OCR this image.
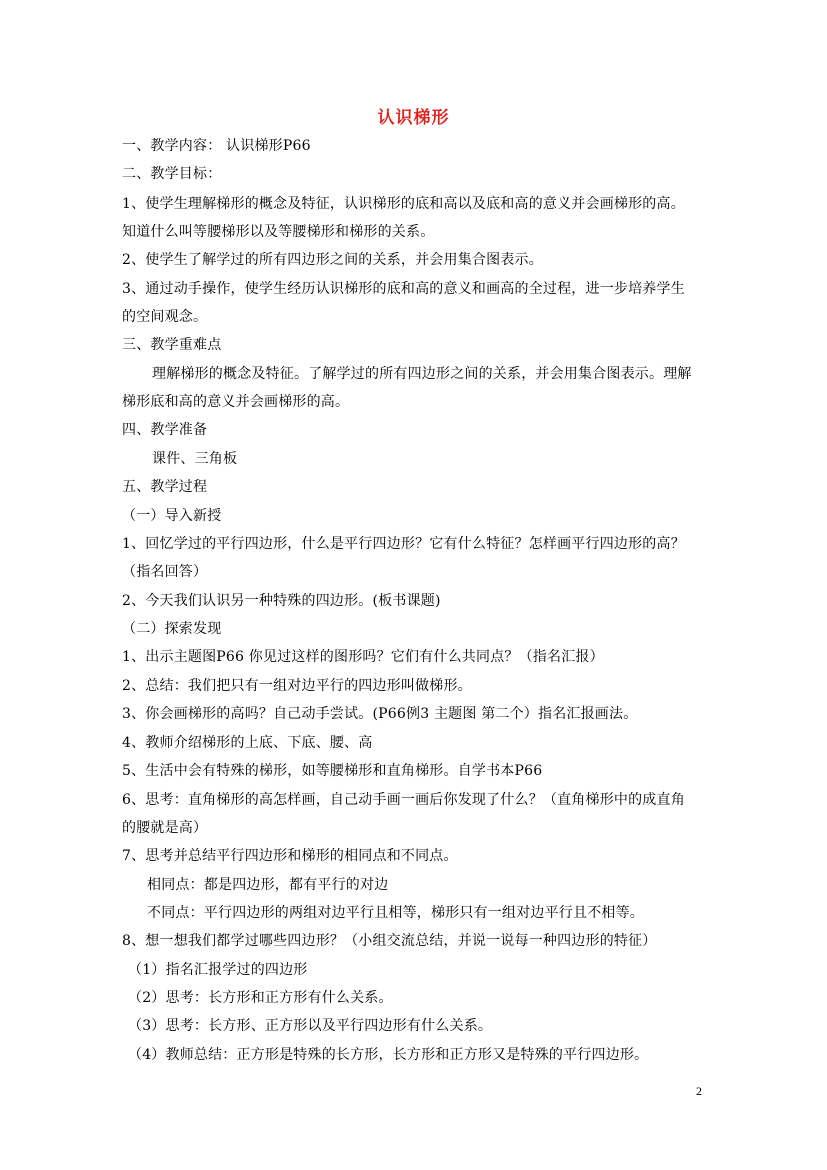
认识梯形
一、教学内容： 认识梯形P66
二、教学目标：
1、使学生理解梯形的概念及特征，认识梯形的底和高以及底和高的意义并会画梯形的高。
知道什么叫等腰梯形以及等腰梯形和梯形的关系。
2、使学生了解学过的所有四边形之间的关系，并会用集合图表示。
3、通过动手操作，使学生经历认识梯形的底和高的意义和画高的全过程，进一步培养学生
的空间观念。
三、教学重难点
理解梯形的概念及特征。了解学过的所有四边形之间的关系，并会用集合图表示。理解
梯形底和高的意义并会画梯形的高。
四、教学准备
课件、三角板
五、教学过程
（一）导入新授
1、回忆学过的平行四边形，什么是平行四边形？它有什么特征？怎样画平行四边形的高？
（指名回答）
2、今天我们认识另一种特殊的四边形。(板书课题)
（二）探索发现
1、出示主题图P66 你见过这样的图形吗？它们有什么共同点？（指名汇报）
2、总结：我们把只有一组对边平行的四边形叫做梯形。
3、你会画梯形的高吗？自己动手尝试。(P66例3 主题图 第二个）指名汇报画法。
4、教师介绍梯形的上底、下底、腰、高
5、生活中会有特殊的梯形，如等腰梯形和直角梯形。自学书本P66
6、思考：直角梯形的高怎样画，自己动手画一画后你发现了什么？（直角梯形中的成直角
的腰就是高）
7、思考并总结平行四边形和梯形的相同点和不同点。
相同点：都是四边形，都有平行的对边
不同点：平行四边形的两组对边平行且相等，梯形只有一组对边平行且不相等。
8、想一想我们都学过哪些四边形？（小组交流总结，并说一说每一种四边形的特征）
（1）指名汇报学过的四边形
（2）思考：长方形和正方形有什么关系。
（3）思考：长方形、正方形以及平行四边形有什么关系。
（4）教师总结：正方形是特殊的长方形，长方形和正方形又是特殊的平行四边形。
2
